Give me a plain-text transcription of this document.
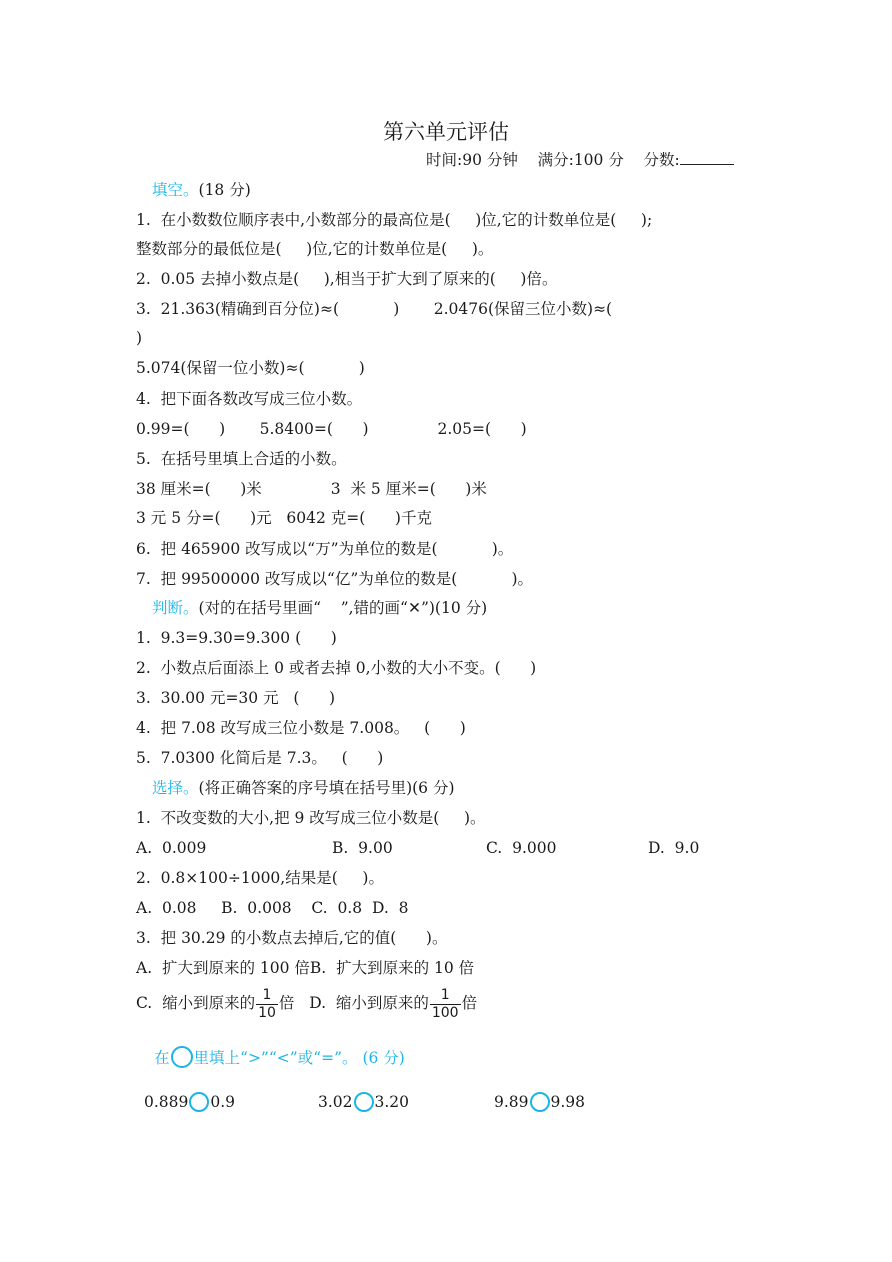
第六单元评估
时间:90 分钟 满分:100 分 分数:
填空。(18 分)
1.  在小数数位顺序表中,小数部分的最高位是(     )位,它的计数单位是(     );
整数部分的最低位是(     )位,它的计数单位是(     )。
2.  0.05 去掉小数点是(     ),相当于扩大到了原来的(     )倍。
3.  21.363(精确到百分位)≈(           )       2.0476(保留三位小数)≈(
)
5.074(保留一位小数)≈(           )
4.  把下面各数改写成三位小数。
0.99=(      )       5.8400=(      )              2.05=(      )
5.  在括号里填上合适的小数。
38 厘米=(      )米              3  米 5 厘米=(      )米
3 元 5 分=(      )元   6042 克=(      )千克
6.  把 465900 改写成以“万”为单位的数是(           )。
7.  把 99500000 改写成以“亿”为单位的数是(           )。
判断。(对的在括号里画“    ”,错的画“✕”)(10 分)
1.  9.3=9.30=9.300 (      )
2.  小数点后面添上 0 或者去掉 0,小数的大小不变。(      )
3.  30.00 元=30 元   (      )
4.  把 7.08 改写成三位小数是 7.008。   (      )
5.  7.0300 化简后是 7.3。   (      )
选择。(将正确答案的序号填在括号里)(6 分)
1.  不改变数的大小,把 9 改写成三位小数是(     )。
A.  0.009	B.  9.00	C.  9.000	D.  9.0
2.  0.8×100÷1000,结果是(     )。
A.  0.08     B.  0.008    C.  0.8  D.  8
3.  把 30.29 的小数点去掉后,它的值(      )。
A.  扩大到原来的 100 倍B.  扩大到原来的 10 倍
C.  缩小到原来的 $\frac{1}{10}$ 倍   D.  缩小到原来的 $\frac{1}{100}$ 倍
在 里填上“>”“<”或“=”。 (6 分)
0.889 0.9	3.02 3.20	9.89 9.98
